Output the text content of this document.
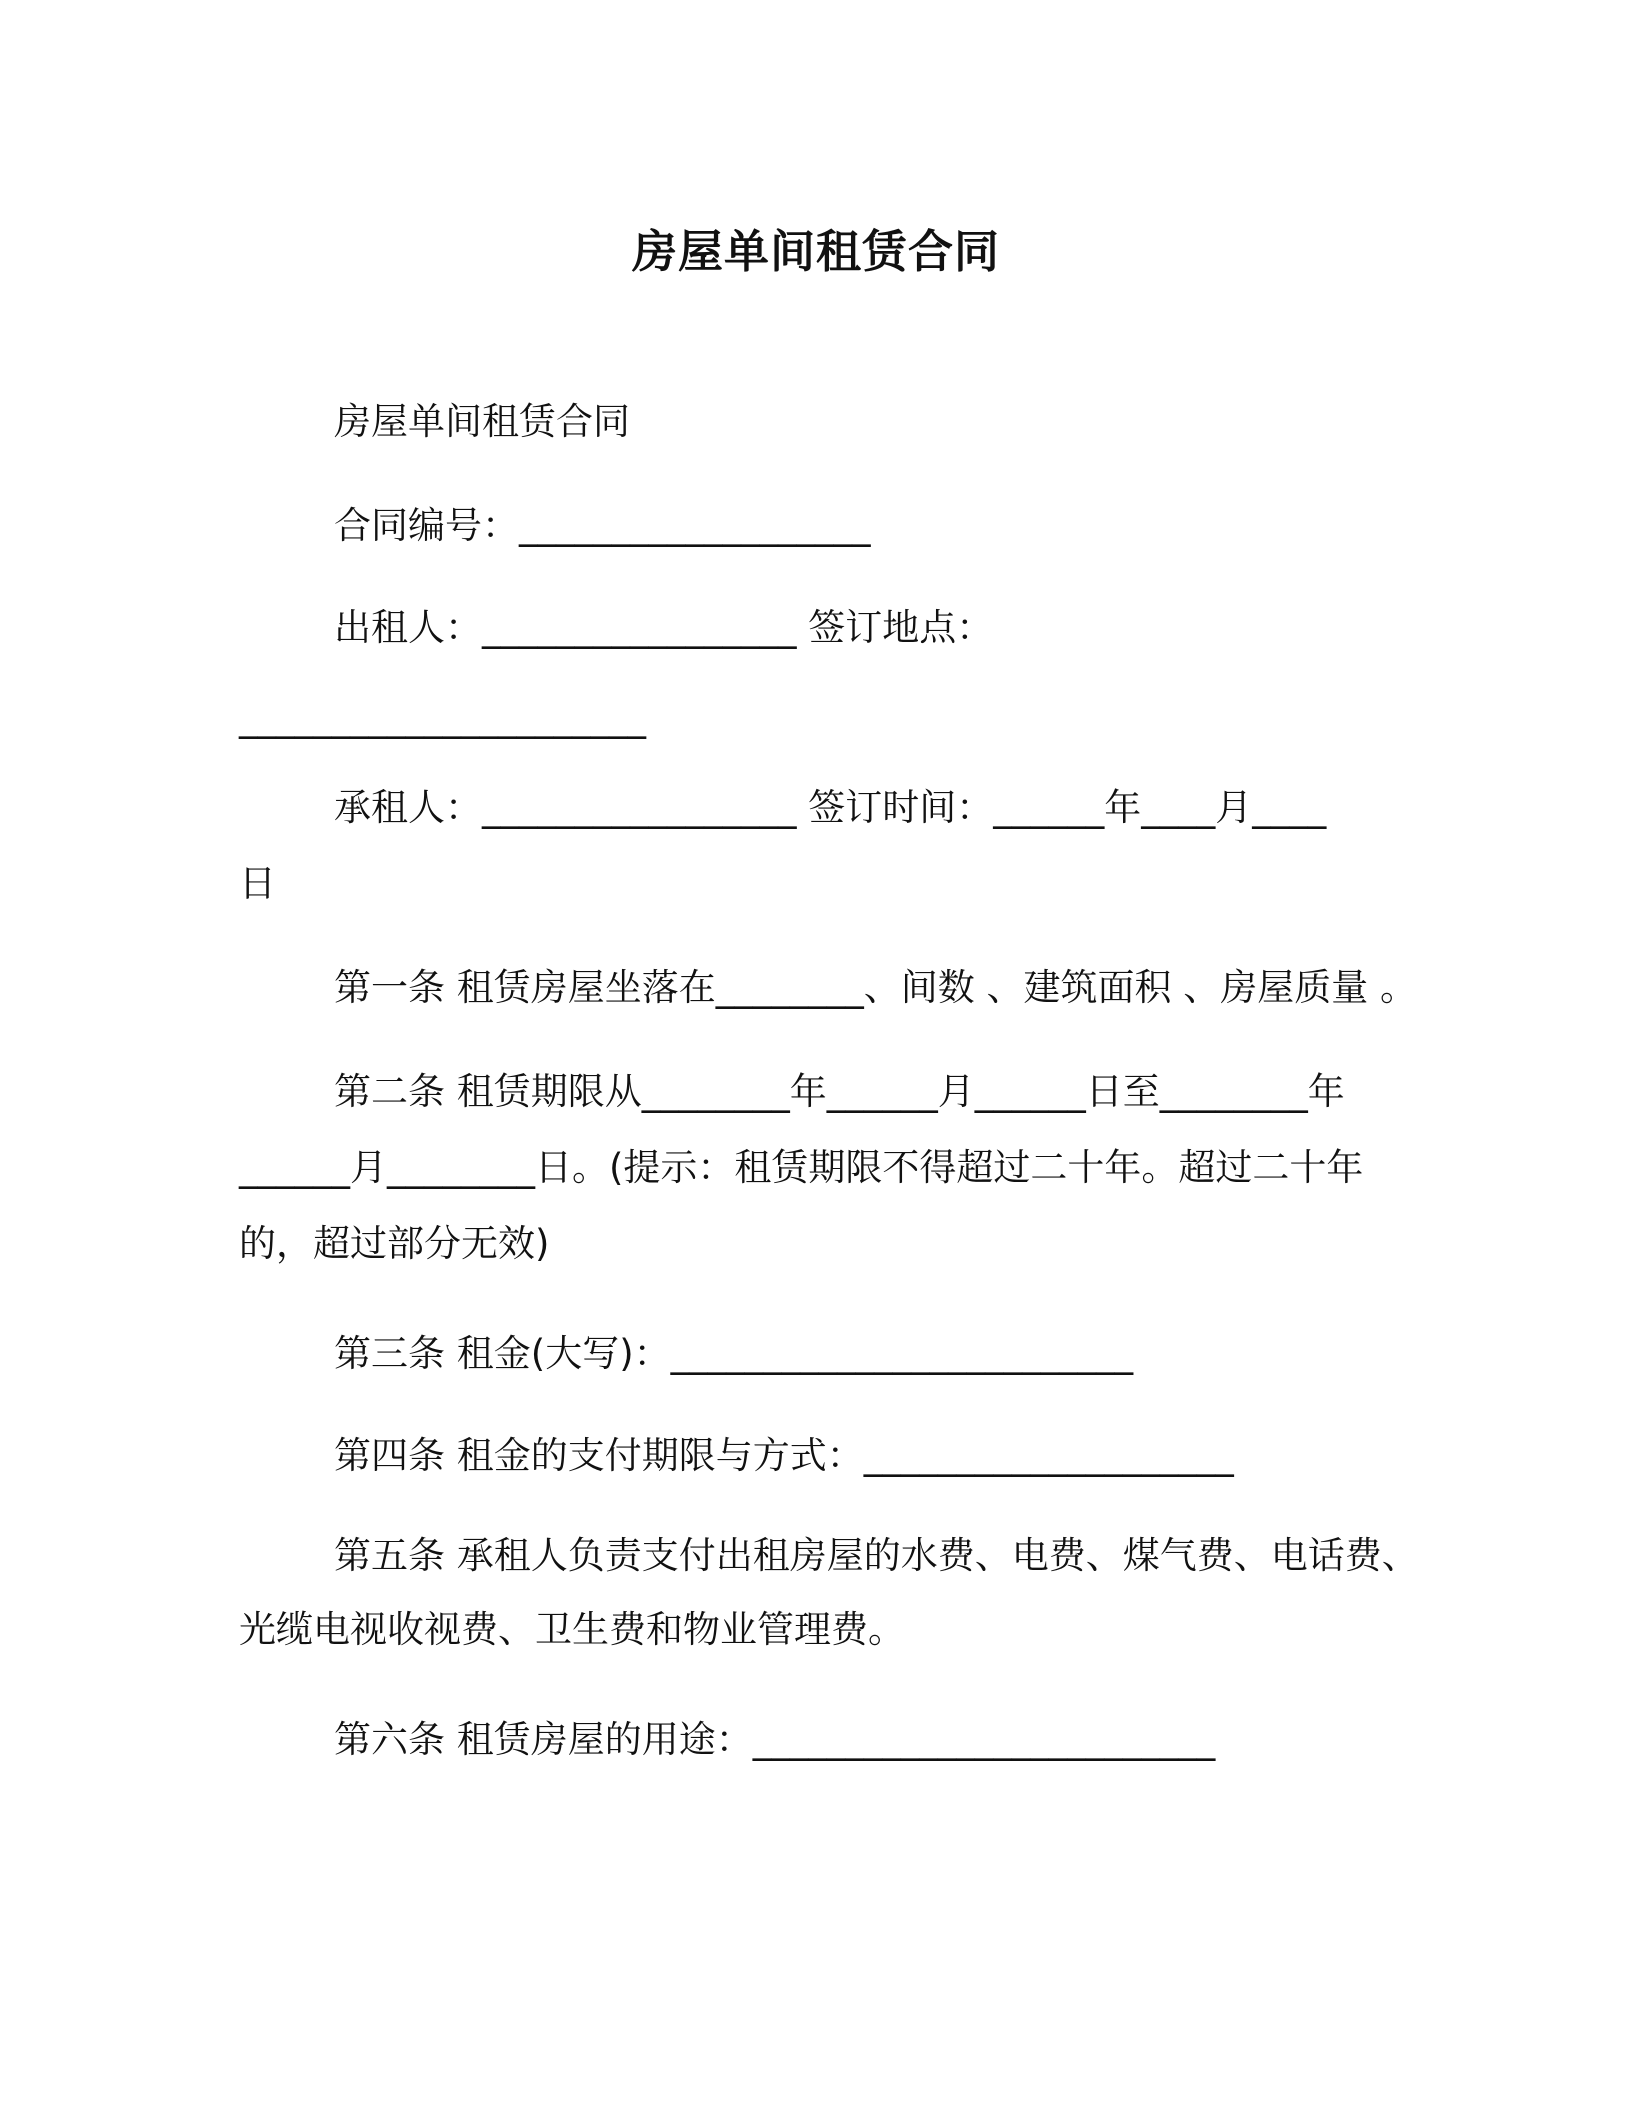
房屋单间租赁合同
房屋单间租赁合同
合同编号：___________________
出租人：_________________ 签订地点：
______________________
承租人：_________________ 签订时间：______年____月____
日
第一条 租赁房屋坐落在________、间数 、建筑面积 、房屋质量 。
第二条 租赁期限从________年______月______日至________年
______月________日。(提示：租赁期限不得超过二十年。超过二十年
的，超过部分无效)
第三条 租金(大写)：_________________________
第四条 租金的支付期限与方式：____________________
第五条 承租人负责支付出租房屋的水费、电费、煤气费、电话费、
光缆电视收视费、卫生费和物业管理费。
第六条 租赁房屋的用途：_________________________
